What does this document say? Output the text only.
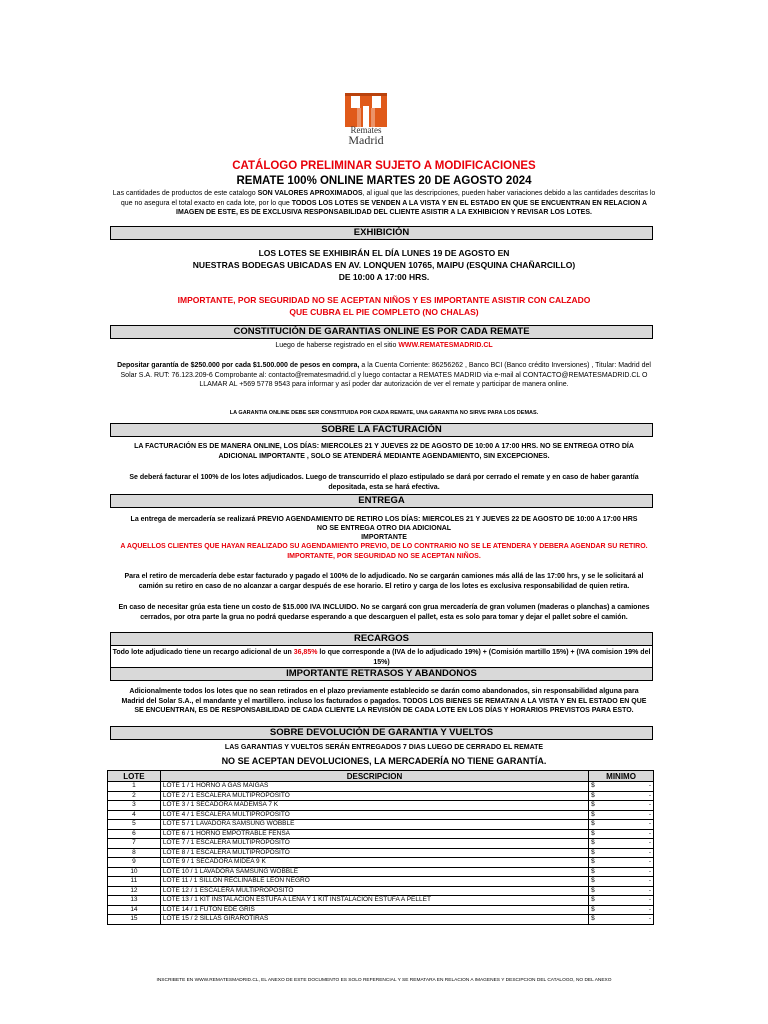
Remates
Madrid
CATÁLOGO PRELIMINAR SUJETO A MODIFICACIONES
REMATE 100% ONLINE MARTES 20 DE AGOSTO 2024
Las cantidades de productos de este catalogo SON VALORES APROXIMADOS, al igual que las descripciones, pueden haber variaciones debido a las cantidades descritas lo que no asegura el total exacto en cada lote, por lo que TODOS LOS LOTES SE VENDEN A LA VISTA Y EN EL ESTADO EN QUE SE ENCUENTRAN EN RELACION A IMAGEN DE ESTE, ES DE EXCLUSIVA RESPONSABILIDAD DEL CLIENTE ASISTIR A LA EXHIBICION Y REVISAR LOS LOTES.
EXHIBICIÓN
LOS LOTES SE EXHIBIRÁN EL DÍA LUNES 19 DE AGOSTO EN
NUESTRAS BODEGAS UBICADAS EN AV. LONQUEN 10765, MAIPU (ESQUINA CHAÑARCILLO)
DE 10:00 A 17:00 HRS.
IMPORTANTE, POR SEGURIDAD NO SE ACEPTAN NIÑOS Y ES IMPORTANTE ASISTIR CON CALZADO
QUE CUBRA EL PIE COMPLETO (NO CHALAS)
CONSTITUCIÓN DE GARANTIAS ONLINE ES POR CADA REMATE
Luego de haberse registrado en el sitio WWW.REMATESMADRID.CL
Depositar garantía de $250.000 por cada $1.500.000 de pesos en compra, a la Cuenta Corriente: 86256262 , Banco BCI (Banco crédito Inversiones) , Titular: Madrid del Solar S.A. RUT: 76.123.209-6 Comprobante al: contacto@rematesmadrid.cl y luego contactar a REMATES MADRID via e-mail al CONTACTO@REMATESMADRID.CL O LLAMAR AL +569 5778 9543 para informar y así poder dar autorización de ver el remate y participar de manera online.
LA GARANTIA ONLINE DEBE SER CONSTITUIDA POR CADA REMATE, UNA GARANTIA NO SIRVE PARA LOS DEMAS.
SOBRE LA FACTURACIÓN
LA FACTURACIÓN ES DE MANERA ONLINE, LOS DÍAS: MIERCOLES 21 Y JUEVES 22 DE AGOSTO DE 10:00 A 17:00 HRS. NO SE ENTREGA OTRO DÍA ADICIONAL IMPORTANTE , SOLO SE ATENDERÁ MEDIANTE AGENDAMIENTO, SIN EXCEPCIONES.
Se deberá facturar el 100% de los lotes adjudicados. Luego de transcurrido el plazo estipulado se dará por cerrado el remate y en caso de haber garantía depositada, esta se hará efectiva.
ENTREGA
La entrega de mercadería se realizará PREVIO AGENDAMIENTO DE RETIRO LOS DÍAS: MIERCOLES 21 Y JUEVES 22 DE AGOSTO DE 10:00 A 17:00 HRS
NO SE ENTREGA OTRO DIA ADICIONAL
IMPORTANTE
A AQUELLOS CLIENTES QUE HAYAN REALIZADO SU AGENDAMIENTO PREVIO, DE LO CONTRARIO NO SE LE ATENDERA Y DEBERA AGENDAR SU RETIRO. IMPORTANTE, POR SEGURIDAD NO SE ACEPTAN NIÑOS.
Para el retiro de mercadería debe estar facturado y pagado el 100% de lo adjudicado. No se cargarán camiones más allá de las 17:00 hrs, y se le solicitará al camión su retiro en caso de no alcanzar a cargar después de ese horario. El retiro y carga de los lotes es exclusiva responsabilidad de quien retira.
En caso de necesitar grúa esta tiene un costo de $15.000 IVA INCLUIDO. No se cargará con grua mercadería de gran volumen (maderas o planchas) a camiones cerrados, por otra parte la grua no podrá quedarse esperando a que descarguen el pallet, esta es solo para tomar y dejar el pallet sobre el camión.
RECARGOS
Todo lote adjudicado tiene un recargo adicional de un 36,85% lo que corresponde a (IVA de lo adjudicado 19%) + (Comisión martillo 15%) + (IVA comision 19% del 15%)
IMPORTANTE RETRASOS Y ABANDONOS
Adicionalmente todos los lotes que no sean retirados en el plazo previamente establecido se darán como abandonados, sin responsabilidad alguna para Madrid del Solar S.A., el mandante y el martillero. incluso los facturados o pagados. TODOS LOS BIENES SE REMATAN A LA VISTA Y EN EL ESTADO EN QUE SE ENCUENTRAN, ES DE RESPONSABILIDAD DE CADA CLIENTE LA REVISIÓN DE CADA LOTE EN LOS DÍAS Y HORARIOS PREVISTOS PARA ESTO.
SOBRE DEVOLUCIÓN DE GARANTIA Y VUELTOS
LAS GARANTIAS Y VUELTOS SERÁN ENTREGADOS 7 DIAS LUEGO DE CERRADO EL REMATE
NO SE ACEPTAN DEVOLUCIONES, LA MERCADERÍA NO TIENE GARANTÍA.
LOTE	DESCRIPCION	MINIMO
1	LOTE 1 / 1 HORNO A GAS MAIGAS	$ -

2	LOTE 2 / 1 ESCALERA MULTIPROPOSITO	$ -

3	LOTE 3 / 1 SECADORA MADEMSA 7 K	$ -

4	LOTE 4 / 1 ESCALERA MULTIPROPOSITO	$ -

5	LOTE 5 / 1 LAVADORA SAMSUNG WOBBLE	$ -

6	LOTE 6 / 1 HORNO EMPOTRABLE FENSA	$ -

7	LOTE 7 / 1 ESCALERA MULTIPROPOSITO	$ -

8	LOTE 8 / 1 ESCALERA MULTIPROPOSITO	$ -

9	LOTE 9 / 1 SECADORA MIDEA 9 K	$ -

10	LOTE 10 / 1 LAVADORA SAMSUNG WOBBLE	$ -

11	LOTE 11 / 1 SILLON RECLINABLE LEON NEGRO	$ -

12	LOTE 12 / 1 ESCALERA MULTIPROPOSITO	$ -

13	LOTE 13 / 1 KIT INSTALACION ESTUFA A LEÑA Y 1 KIT INSTALACION ESTUFA A PELLET	$ -

14	LOTE 14 / 1 FUTON EDE GRIS	$ -

15	LOTE 15 / 2 SILLAS GIRAROTIRAS	$ -
INSCRIBETE EN WWW.REMATESMADRID.CL, EL ANEXO DE ESTE DOCUMENTO ES SOLO REFERENCIAL Y SE REMATARA EN RELACION A IMAGENES Y DESCIPCION DEL CATALOGO, NO DEL ANEXO
